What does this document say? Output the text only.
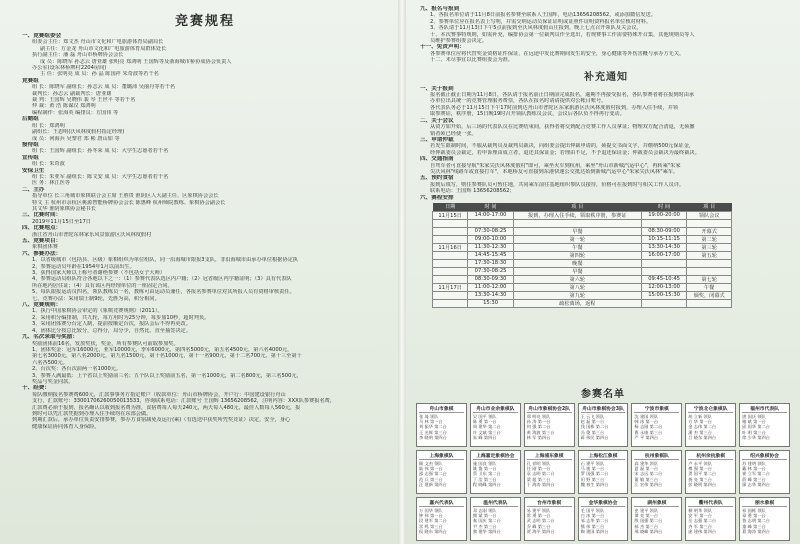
竞赛规程
一、竞赛组委会
组委会主任：郑文杰 舟山市文化和广电旅游体育局副局长
副主任：方金龙 舟山市文化和广电旅游体育局群体处长
执行副主任：潘 磊 舟山市桥牌协会会长
成 员：陈晓军 孙志云 唐亚雄 张明亮 郑鸿明 王国辉等及浙海城市桥协成协会负责人
办公室(设东林桥牌村2204房间)
主 任：张明亮 成 员：孙 晶 陈国祥 朱奇波等若干名
竞赛组
组 长：陈晓军 副组长：孙志云 成 员：董璐沛 吴丽丹等若干名
裁判长：孙志云 副裁判长：唐亚雄
裁 判：王国辉 吴晓伟 裴 琴 王世平 等若干名
仲 裁：黄 浩 陈谋汉 郑鸿明
编程制作：张海英 编排员：方国伟 等
后勤组
组 长：郑鸿明
副组长：王恩明(沃风林度假村指定经理)
成 员：何海兵 吴黎君 郑 彬 唐山如 等
接待组
组 长：王国辉 副组长：孙冬荣 成 员：大学生志愿者若干名
宣传组
组 长：朱奇波
安保卫生
组 长：朱亚军 副组长：陈文安 成 员：大学生志愿者若干名
医 务：林江医等
二、主办
指导单位 长三角城市象棋联合会主席 王胜贵 淮阴区人大副主任、区象棋协会会长
特文 主 杭州市余杭区桃源智能桥牌协会会长 陈惠峰 杭州师院教练、象棋协会副会长
其文华 淮阴象棋协会秘书长
三、比赛时间：
2019年11月15日至17日
四、比赛地点：
浙江省舟山市普陀东林家乐风景旅游区沃风林度假村
五、竞赛项目：
象棋团体赛
六、参赛办法：
1、以省级城市（包括县、区级）象棋组织为单位组队，同一沿海城市限报3支队，非沿海城市由承办单位根据协定执
2、参赛运动员年龄在1954年1月以前出生。
3、获得国家大师以上称号者谢绝参赛（不包括女子大师）
4、参赛运动员组队符合各地以下之一：（1）参赛代表队选区内户籍；（2）冠省级区内学籍证明；（3）具有代表队
所在地内居住证；（4）具有该区内经理单位的一座固定合同。
5、每队限报运动员四名，领队教练员一名，教练可由运动员兼任，各报名参赛单位对其所报人员有资格审核责任。
七、竞赛办法：采用瑞士制9轮，先胜为高，积分相同。
八、竞赛规则：
1、执行中国象棋协会审定的《象棋竞赛规则》（2011）。
2、采用积分编排制，共九轮，每方用时为25分钟，每步加10秒，超时判负。
3、采用团体赛分台定人制，提前按顺定台次，报队会后不得再更改。
4、团体比分按总比较分，总得分，局分少，自然比、直至抽签决定。
九、名次录取与奖励：
奖励团体前16名，发放奖状，奖金，所有参赛队可前取参加奖。
1、团体奖金：冠军16000元，亚军10000元，季军6000元，第四名5000元，第五名4500元，第六名4000元，
第七名3000元，第八名2000元，第九名1500元，第十名1000元，第十一名900元，第十二名700元，第十三至第十
六名各500元。
2、台次奖：各台次前两一名1000元。
3、参赛人满最低：上个省以上奖励前三名；五个队以上奖励前五名，第一名1000元，第二名800元，第三名500元，
奖品与奖金同款。
十、经费：
每队缴纳报名参赛费600元，汇款事事务方指定账户（收款单位：舟山市桥牌协会，开户行：中国建设银行舟山
支行，汇款账号：33001706260050013533，咨询联系电话：汇款账号 王国辉 13656208562，注明内容：XXX队参赛报名费，
汇款费必须于报到，报名确认以收到报名费为准，食宿费每人每天240元，两天每人480元，最佳人数每人560元，报
到时可以凭汇款凭据到办理入住手续均在东部会做。
到期汇款后，承办单位负责安排参赛，参办方食宿减免及运行(乘)（有选送中获奖所凭奖竞证）决定，安全，身心
健康保证协同体育人身保险。
九、报名与报到
1、各报名单位请于11月8日前报名参赛至联系人王国辉，电话13656208562，或添加微信发送。
2、参赛单位应在报名表上写明，并需交纳运动员保证证明或证照件证明资料报名单位核对材料。
3、各队请于11月13日下午5点前报到至沃风林度假山庄报到，晚上七点召开领队及关会议。
十、本次赛事特规则，如需补充，编排协会第一位裁判员作全选出，若规赛事工作需要特殊开召集，其他规则员等人
员维护参赛组委会决定。
十一、免责声明：
各参赛单位应将代替奖金资格证件保证，在远途中发比赛期间发生的安全，身心健康等外伤害概与承办方无关。
十二、未尽事宜以比赛组委会为准。
补充通知
一、关于报到
报名截止截止日期为11月8日，各队请于报名前止日期前完成报名，逾期不再接受报名，各队参赛者将在报到时由承
办单位出具统一的竞赛管理服务费票，各队在报名时请请提供对公帐目账号。
各代表队务必于11月15日下午17时前到达舟山市普陀区东家旅游区沃风林度假村报到，办理入住手续，并领
取参赛证，秩序册，15日晚19时召开领队教练员会议，会议后各队负不得再行变动。
二、关于会议
从资方如开始，后三场的代表队员在比赛结束间，获得者将交到配合竞赛工作人员拿证；物理双方配合清退，无须撤
销者须已经使一张。
三、申请仲裁
若发生限制时间，不服从裁判员及裁判员裁决，向组委会提出仲裁申请的，须提交书面文字，并缴纳500元保证金，
经仲裁委员会裁定，若申诉理由成立者，退还其保证金；若理由不足，不予退还保证金；仲裁委员会裁决为最终裁决。
四、交通指南
自驾车者可直接导航"朱家尖沃风林度假村"即可，乘坐火车到杭州，乘坐"舟山市新城汽运中心"，再转乘"朱家
尖沃风林"线路车或直接打车"，本地桥友可直接到东港快速公交抵达始到新城汽运中心"朱家尖沃风林"乘车。
五、预约食宿
报到后填写，则住参赛队员可暂住地，共同乘车前往基地组织参队员接待，价格可在报到时与相关工作人员详。
联系电话：王国辉 13656208562；
六、赛程安排
日期	时 间	项 目	时 间	项 目
11月15日	14:00-17:00	报到，办理入住手续，领取秩序册，参赛证	19:00-20:00	领队会议

	07:30-08:25	早餐	08:30-09:00	开幕式
	09:00-10:00	第一轮	10:15-11:15	第二轮
11月16日	11:30-12:30	午餐	13:30-14:30	第三轮
	14:45-15:45	第四轮	16:00-17:00	第五轮
	17:30-18:30	晚餐		
	07:30-08:25	早餐		
	08:30-09:30	第六轮	09:45-10:45	第七轮
11月17日	11:00-12:00	第八轮	12:00-13:00	午餐
	13:30-14:30	第九轮	15:00-15:30	颁奖，闭幕式
	15:30	疏松离场，返程		
参赛名单
舟山市象棋
张 琦 领队
马 林 第一台
刘 振华 第二台
王 光辉 第三台
李 晓明 第四台
舟山市业余象棋队
吴 国平 领队
陈 勇 第一台
周 建华 第二台
许 文斌 第三台
朱 峰 第四台
舟山市象棋协会2队
郑 明亮 领队
孙 涛 第一台
何 强 第二台
黄 海波 第三台
林 军 第四台
舟山市象棋协会3队
王 云飞 领队
赵 磊 第一台
钱 国栋 第二台
冯 俊 第三台
蒋 伟民 第四台
宁波市象棋
沈 建国 领队
韩 冰 第一台
杨 志刚 第二台
曹 永康 第三台
严 平 第四台
宁波北仑象棋队
胡 立新 领队
方 华 第一台
金 志伟 第二台
潘 杰 第三台
吕 晓东 第四台
福州市代表队
唐 国庆 领队
谢 斌 第一台
邱 国华 第二台
叶 明 第三台
徐 少华 第四台
上海象棋队
顾 文杰 领队
陆 伟 第一台
邵 志强 第二台
范 兵 第三台
汪 建新 第四台
上海嘉定象棋协会
施 国良 领队
姚 俊 第一台
蔡 卫东 第二台
丁 浩 第三台
程 晓峰 第四台
上海浦东象棋
孔 祥明 领队
任 刚 第一台
袁 志明 第二台
梁 超 第三台
于 海涛 第四台
上海松江象棋
石 建平 领队
马 骏 第一台
罗 国强 第二台
田 野 第三台
魏 春生 第四台
杭州象棋队
高 建华 领队
夏 磊 第一台
宋 志远 第二台
董 敏 第三台
江 宏伟 第四台
杭州余杭象棋
卢 永平 领队
傅 强 第一台
贺 国平 第二台
龚 亮 第三台
彭 晓明 第四台
绍兴象棋协会
苏 建明 领队
戴 林 第一台
崔 立军 第二台
薛 峰 第三台
廖 志华 第四台
嘉兴代表队
万 国华 领队
钟 伟 第一台
段 建军 第二台
雷 鸣 第三台
侯 晓东 第四台
温州代表队
邓 志刚 领队
熊 斌 第一台
秦 国庆 第二台
尹 杰 第三台
黎 建华 第四台
台州市象棋
易 建平 领队
常 勇 第一台
武 志明 第二台
乔 峰 第三台
贾 海平 第四台
金华象棋协会
毛 国平 领队
白 冰 第一台
邹 志华 第二台
熊 伟 第三台
陶 建国 第四台
湖州象棋
史 建平 领队
谭 亮 第一台
殷 国强 第二台
郝 杰 第三台
邢 晓峰 第四台
衢州代表队
柳 明华 领队
安 平 第一台
岳 志强 第二台
齐 军 第三台
庞 建伟 第四台
丽水象棋
祁 国栋 领队
章 勇 第一台
鲁 志明 第二台
童 峰 第三台
葛 海涛 第四台
